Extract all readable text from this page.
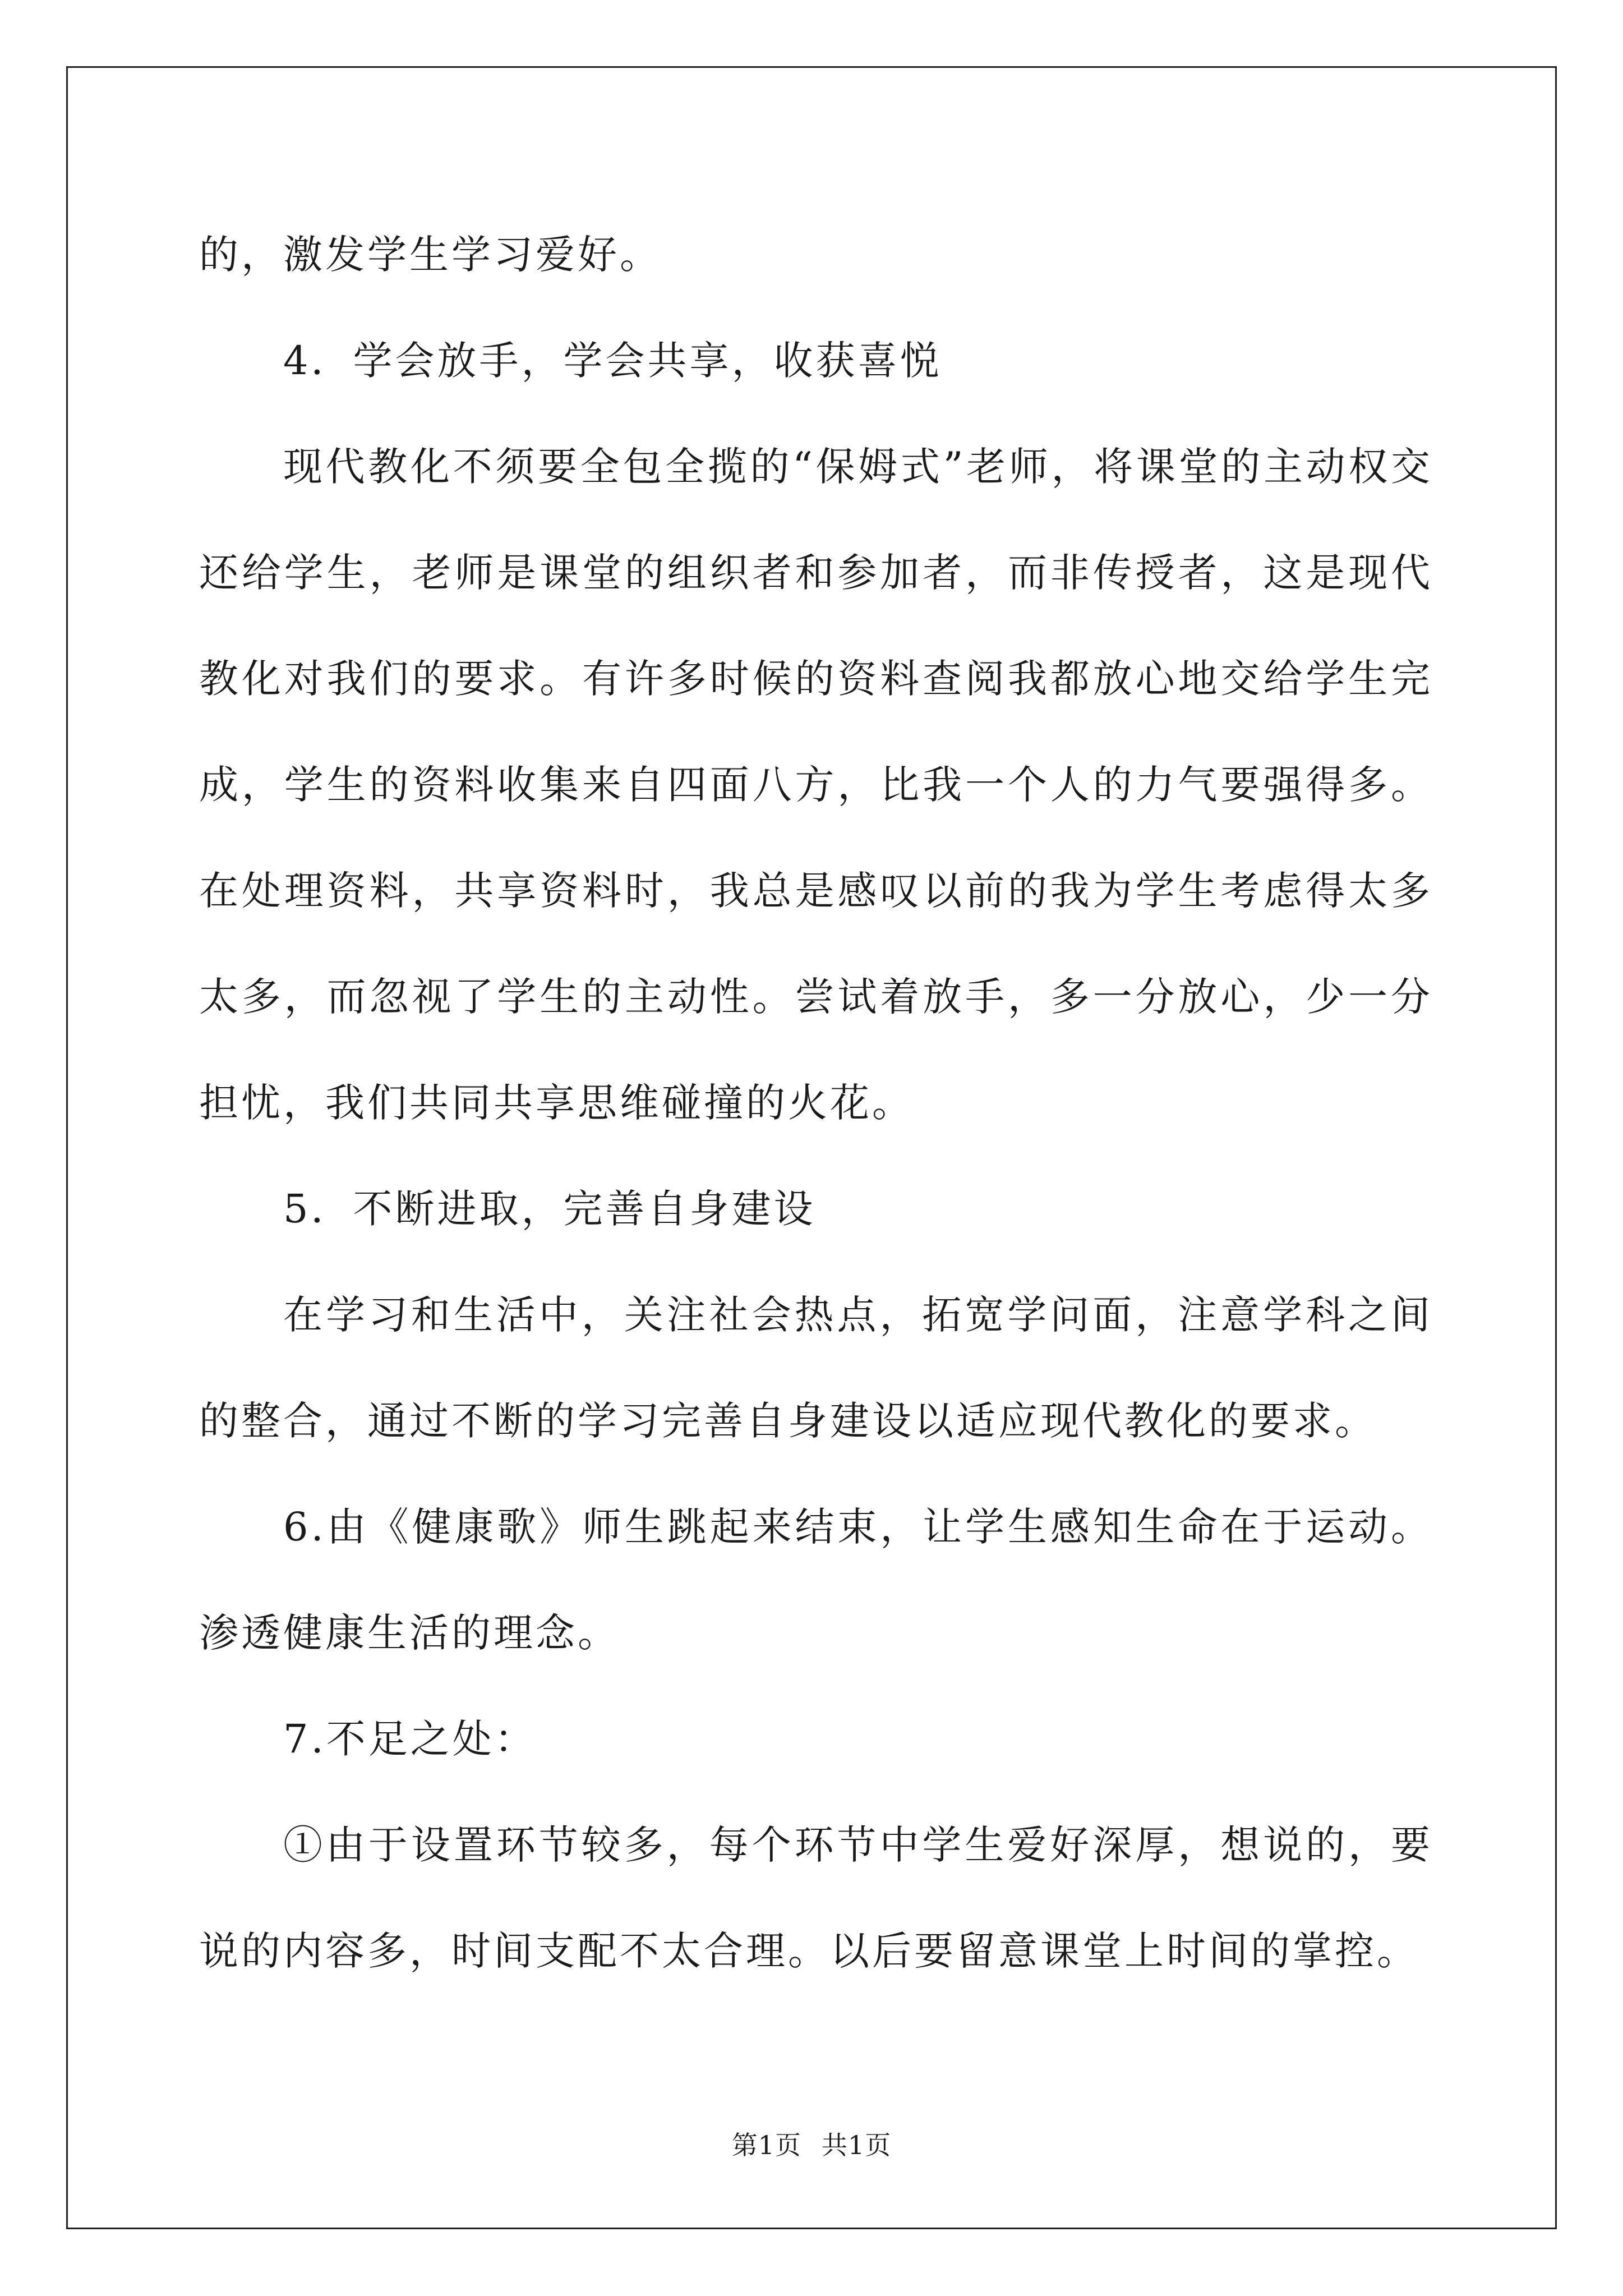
的，激发学生学习爱好。

4．学会放手，学会共享，收获喜悦

现代教化不须要全包全揽的“保姆式”老师，将课堂的主动权交还给学生，老师是课堂的组织者和参加者，而非传授者，这是现代教化对我们的要求。有许多时候的资料查阅我都放心地交给学生完成，学生的资料收集来自四面八方，比我一个人的力气要强得多。在处理资料，共享资料时，我总是感叹以前的我为学生考虑得太多太多，而忽视了学生的主动性。尝试着放手，多一分放心，少一分担忧，我们共同共享思维碰撞的火花。

5．不断进取，完善自身建设

在学习和生活中，关注社会热点，拓宽学问面，注意学科之间的整合，通过不断的学习完善自身建设以适应现代教化的要求。

6.由《健康歌》师生跳起来结束，让学生感知生命在于运动。渗透健康生活的理念。

7.不足之处：

①由于设置环节较多，每个环节中学生爱好深厚，想说的，要说的内容多，时间支配不太合理。以后要留意课堂上时间的掌控。

第1页 共1页
